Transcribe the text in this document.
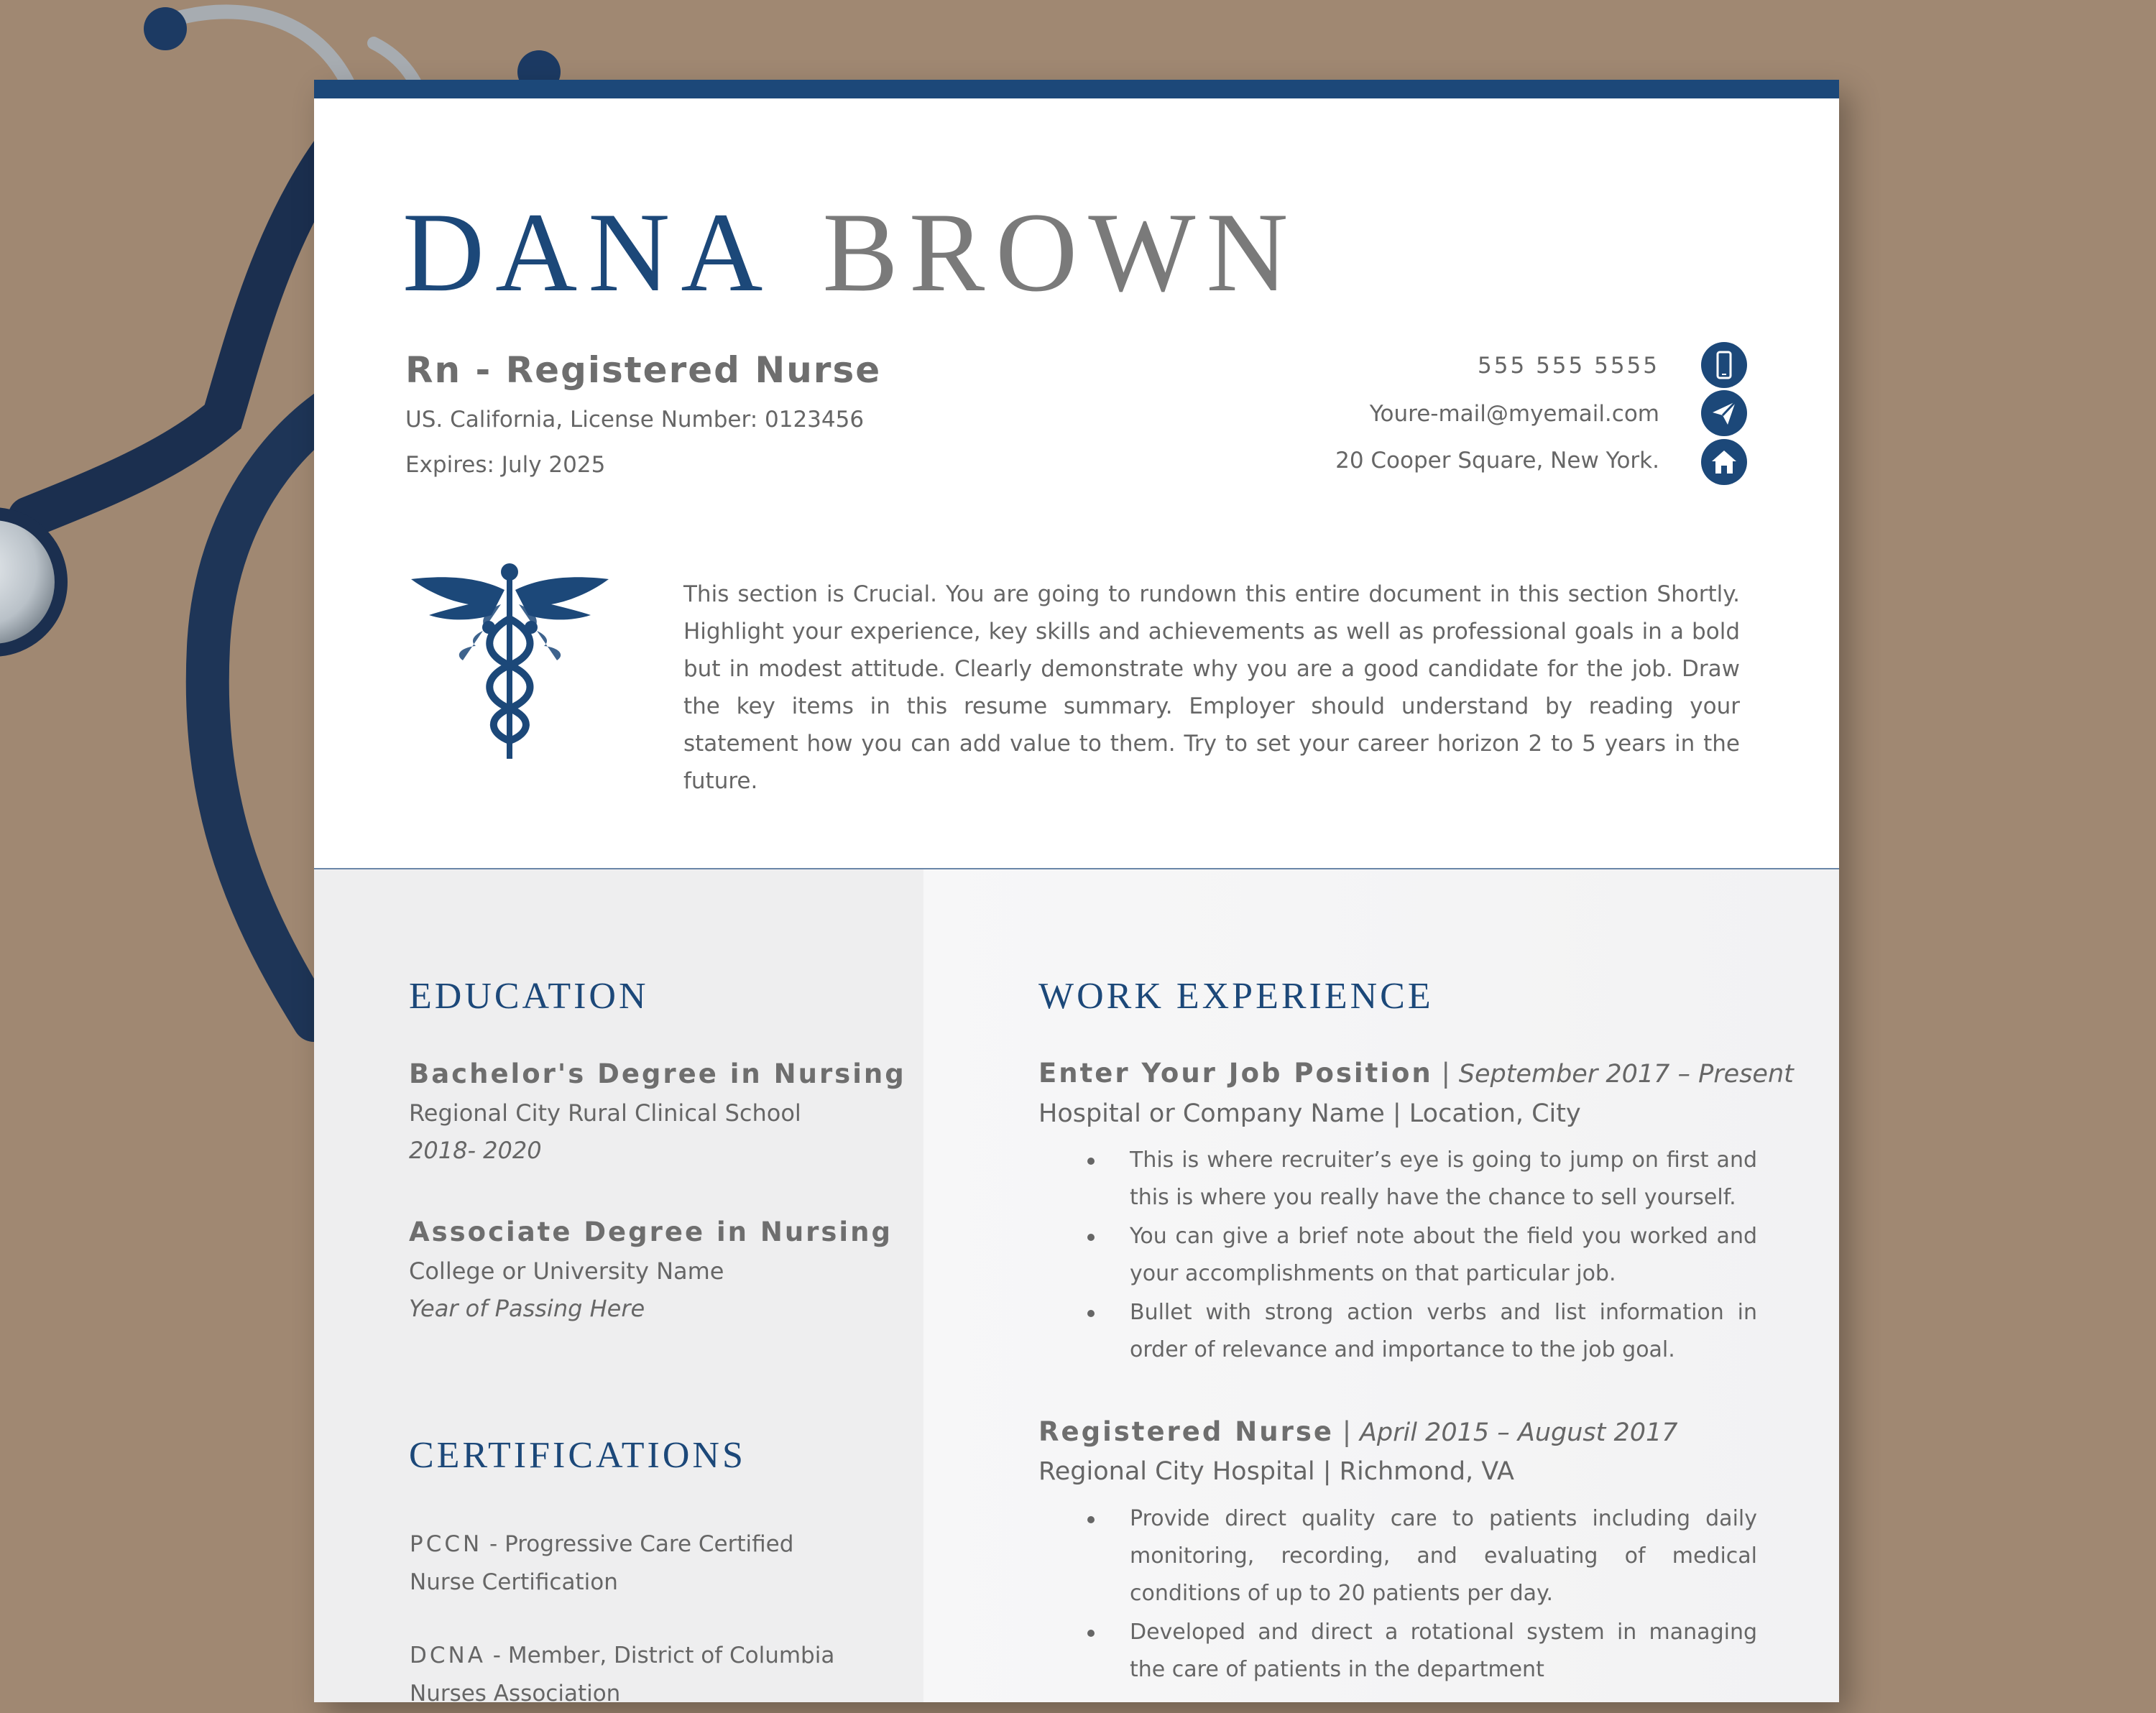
DANA BROWN
Rn - Registered Nurse
US. California, License Number: 0123456
Expires: July 2025
555 555 5555
Youre-mail@myemail.com
20 Cooper Square, New York.

This section is Crucial. You are going to rundown this entire document in this section Shortly. Highlight your experience, key skills and achievements as well as professional goals in a bold but in modest attitude. Clearly demonstrate why you are a good candidate for the job. Draw the key items in this resume summary. Employer should understand by reading your statement how you can add value to them. Try to set your career horizon 2 to 5 years in the future.

EDUCATION
Bachelor's Degree in Nursing
Regional City Rural Clinical School
2018- 2020
Associate Degree in Nursing
College or University Name
Year of Passing Here
CERTIFICATIONS
PCCN - Progressive Care Certified Nurse Certification
DCNA - Member, District of Columbia Nurses Association
WORK EXPERIENCE
Enter Your Job Position | September 2017 – Present
Hospital or Company Name | Location, City
This is where recruiter’s eye is going to jump on first and this is where you really have the chance to sell yourself.
You can give a brief note about the field you worked and your accomplishments on that particular job.
Bullet with strong action verbs and list information in order of relevance and importance to the job goal.
Registered Nurse | April 2015 – August 2017
Regional City Hospital | Richmond, VA
Provide direct quality care to patients including daily monitoring, recording, and evaluating of medical conditions of up to 20 patients per day.
Developed and direct a rotational system in managing the care of patients in the department
